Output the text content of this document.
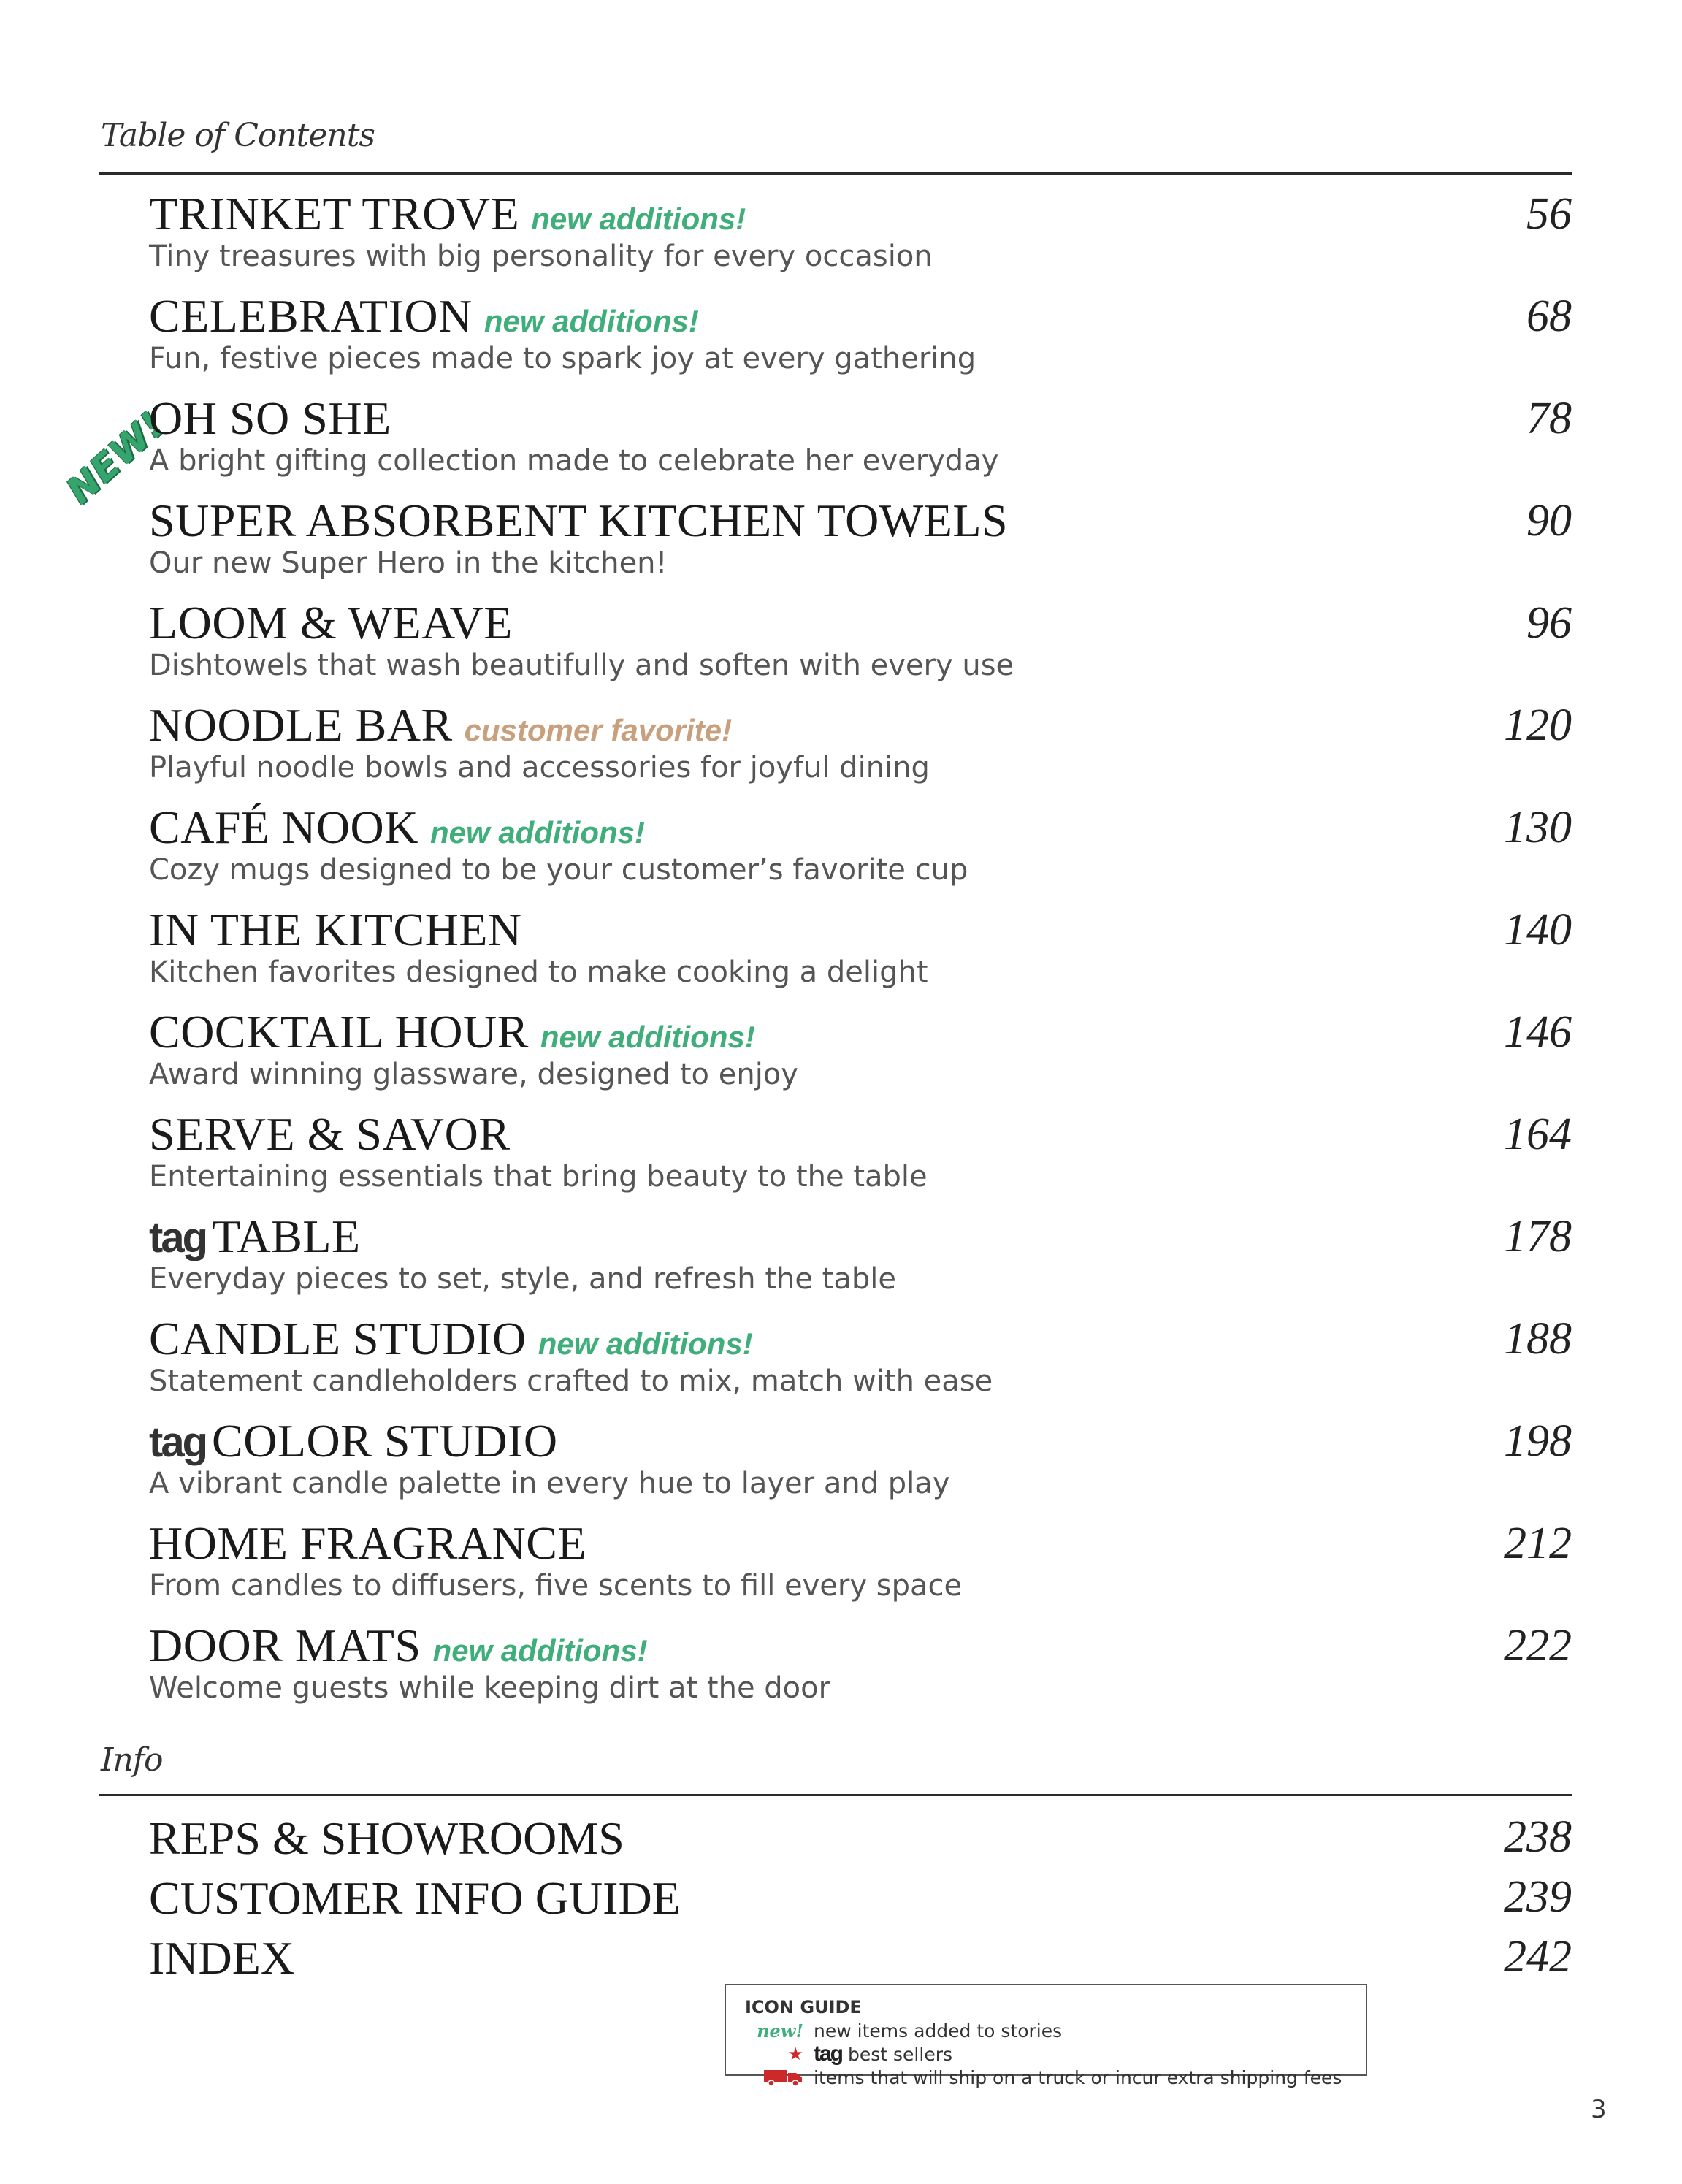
Table of Contents
NEW!
TRINKET TROVE new additions!
Tiny treasures with big personality for every occasion
56
CELEBRATION new additions!
Fun, festive pieces made to spark joy at every gathering
68
OH SO SHE
A bright gifting collection made to celebrate her everyday
78
SUPER ABSORBENT KITCHEN TOWELS
Our new Super Hero in the kitchen!
90
LOOM & WEAVE
Dishtowels that wash beautifully and soften with every use
96
NOODLE BAR customer favorite!
Playful noodle bowls and accessories for joyful dining
120
CAFÉ NOOK new additions!
Cozy mugs designed to be your customer’s favorite cup
130
IN THE KITCHEN
Kitchen favorites designed to make cooking a delight
140
COCKTAIL HOUR new additions!
Award winning glassware, designed to enjoy
146
SERVE & SAVOR
Entertaining essentials that bring beauty to the table
164
tag TABLE
Everyday pieces to set, style, and refresh the table
178
CANDLE STUDIO new additions!
Statement candleholders crafted to mix, match with ease
188
tag COLOR STUDIO
A vibrant candle palette in every hue to layer and play
198
HOME FRAGRANCE
From candles to diffusers, five scents to fill every space
212
DOOR MATS new additions!
Welcome guests while keeping dirt at the door
222
Info
REPS & SHOWROOMS	238
CUSTOMER INFO GUIDE	239
INDEX	242
ICON GUIDE
new! new items added to stories
★ tag best sellers
items that will ship on a truck or incur extra shipping fees
3
